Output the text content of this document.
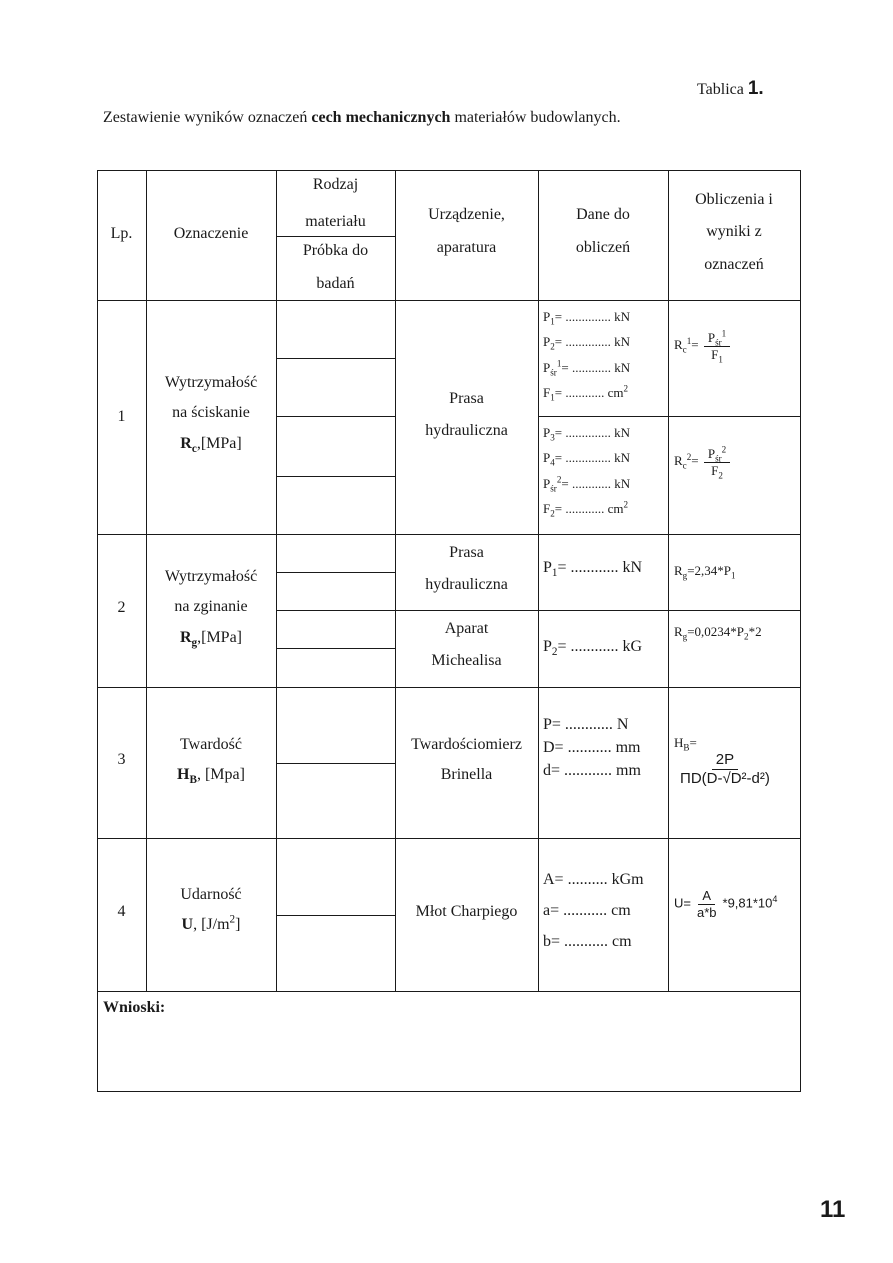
Tablica 1.
Zestawienie wyników oznaczeń cech mechanicznych materiałów budowlanych.
Lp.	Oznaczenie
Rodzaj
materiału
Próbka do
badań
Urządzenie,
aparatura
Dane do
obliczeń
Obliczenia i
wyniki z
oznaczeń
1
Wytrzymałość
na ściskanie
$R_c,[MPa]$
Prasa
hydrauliczna
$P_1=$ .............. kN
$P_2=$ .............. kN
$P_{śr}^1=$ ............ kN
$F_1=$ ............ $cm^2$
$P_3=$ .............. kN
$P_4=$ .............. kN
$P_{śr}^2=$ ............ kN
$F_2=$ ............ $cm^2$
$R_c^1= \frac{P_{śr}^1}{F_1}$
$R_c^2= \frac{P_{śr}^2}{F_2}$
2
Wytrzymałość
na zginanie
$R_g,[MPa]$
Prasa
hydrauliczna
Aparat
Michealisa
$P_1=$ ............ kN
$P_2=$ ............ kG
$R_g=2,34*P_1$
$R_g=0,0234*P_2*2$
3
Twardość
$H_B$, [Mpa]
Twardościomierz
Brinella
P= ............ N
D= ........... mm
d= ............ mm
$H_B=$
$\frac{2P}{\text{ΠD(D-√D²-d²)}}$
4
Udarność
U, $[J/m^2]$
Młot Charpiego
A= .......... kGm
a= ........... cm
b= ........... cm
$U= \frac{A}{a*b} *9,81*10^4$
Wnioski:
11
